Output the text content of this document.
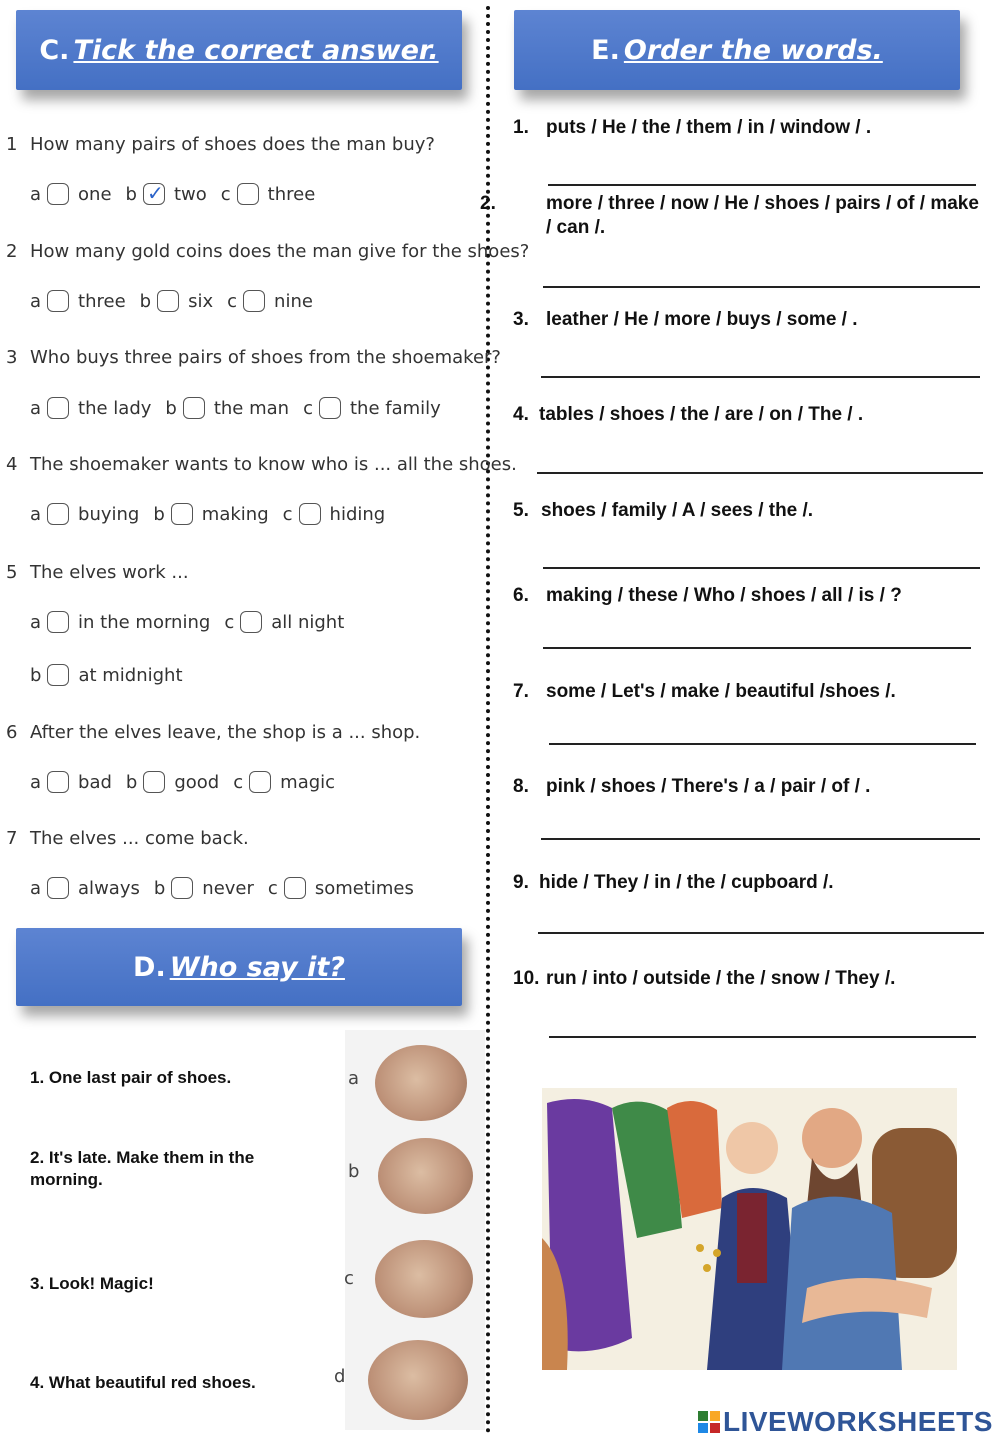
C. Tick the correct answer.
1 How many pairs of shoes does the man buy?
a one b
✓ two c three
2 How many gold coins does the man give for the shoes?
a three b six c nine
3 Who buys three pairs of shoes from the shoemaker?
a the lady b the man c the family
4 The shoemaker wants to know who is ... all the shoes.
a buying b making c hiding
5 The elves work ...
a in the morning c all night
b at midnight
6 After the elves leave, the shop is a ... shop.
a bad b good c magic
7 The elves ... come back.
a always b never c sometimes
D. Who say it?
1. One last pair of shoes.	a
2. It's late. Make them in the morning.	b
3. Look! Magic!	c
4. What beautiful red shoes.	d
E. Order the words.
1. puts / He / the / them / in / window / .
2.	more / three / now / He / shoes / pairs / of / make / can /.
3. leather / He / more / buys / some / .
4. tables / shoes / the / are / on / The / .
5. shoes / family / A / sees / the /.
6. making / these / Who / shoes / all / is / ?
7. some / Let's / make / beautiful /shoes /.
8. pink / shoes / There's / a / pair / of / .
9. hide / They / in / the / cupboard /.
10. run / into / outside / the / snow / They /.
LIVEWORKSHEETS
